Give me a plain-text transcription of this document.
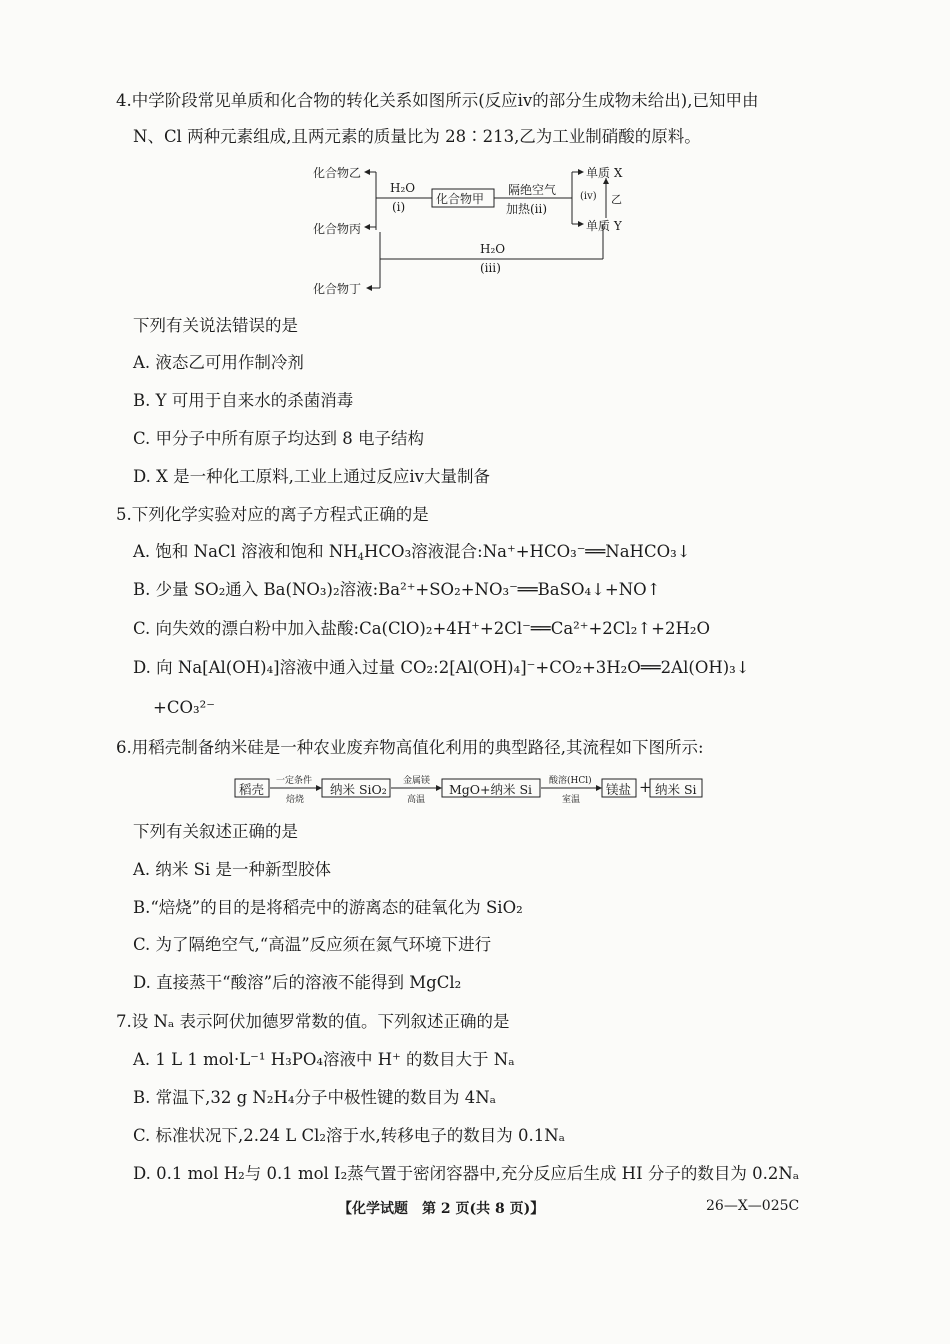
4.中学阶段常见单质和化合物的转化关系如图所示(反应ⅳ的部分生成物未给出),已知甲由
N、Cl 两种元素组成,且两元素的质量比为 28∶213,乙为工业制硝酸的原料。
化合物乙
化合物丙
化合物丁
化合物甲
H₂O
(ⅰ)
隔绝空气
加热(ⅱ)
单质 X
单质 Y
(ⅳ) 乙
H₂O
(ⅲ)
下列有关说法错误的是
A. 液态乙可用作制冷剂
B. Y 可用于自来水的杀菌消毒
C. 甲分子中所有原子均达到 8 电子结构
D. X 是一种化工原料,工业上通过反应ⅳ大量制备
5.下列化学实验对应的离子方程式正确的是
A. 饱和 NaCl 溶液和饱和 $NH_4HCO_3$溶液混合:Na⁺+HCO₃⁻══NaHCO₃↓
B. 少量 SO₂通入 Ba(NO₃)₂溶液:Ba²⁺+SO₂+NO₃⁻══BaSO₄↓+NO↑
C. 向失效的漂白粉中加入盐酸:Ca(ClO)₂+4H⁺+2Cl⁻══Ca²⁺+2Cl₂↑+2H₂O
D. 向 Na[Al(OH)₄]溶液中通入过量 CO₂:2[Al(OH)₄]⁻+CO₂+3H₂O══2Al(OH)₃↓
+CO₃²⁻
6.用稻壳制备纳米硅是一种农业废弃物高值化利用的典型路径,其流程如下图所示:
稻壳
一定条件
焙烧
纳米 SiO₂
金属镁
高温
MgO+纳米 Si
酸溶(HCl)
室温
镁盐 + 纳米 Si
下列有关叙述正确的是
A. 纳米 Si 是一种新型胶体
B.“焙烧”的目的是将稻壳中的游离态的硅氧化为 SiO₂
C. 为了隔绝空气,“高温”反应须在氮气环境下进行
D. 直接蒸干“酸溶”后的溶液不能得到 MgCl₂
7.设 Nₐ 表示阿伏加德罗常数的值。下列叙述正确的是
A. 1 L 1 mol·L⁻¹ H₃PO₄溶液中 H⁺ 的数目大于 Nₐ
B. 常温下,32 g N₂H₄分子中极性键的数目为 4Nₐ
C. 标准状况下,2.24 L Cl₂溶于水,转移电子的数目为 0.1Nₐ
D. 0.1 mol H₂与 0.1 mol I₂蒸气置于密闭容器中,充分反应后生成 HI 分子的数目为 0.2Nₐ
【化学试题　第 2 页(共 8 页)】	26—X—025C
